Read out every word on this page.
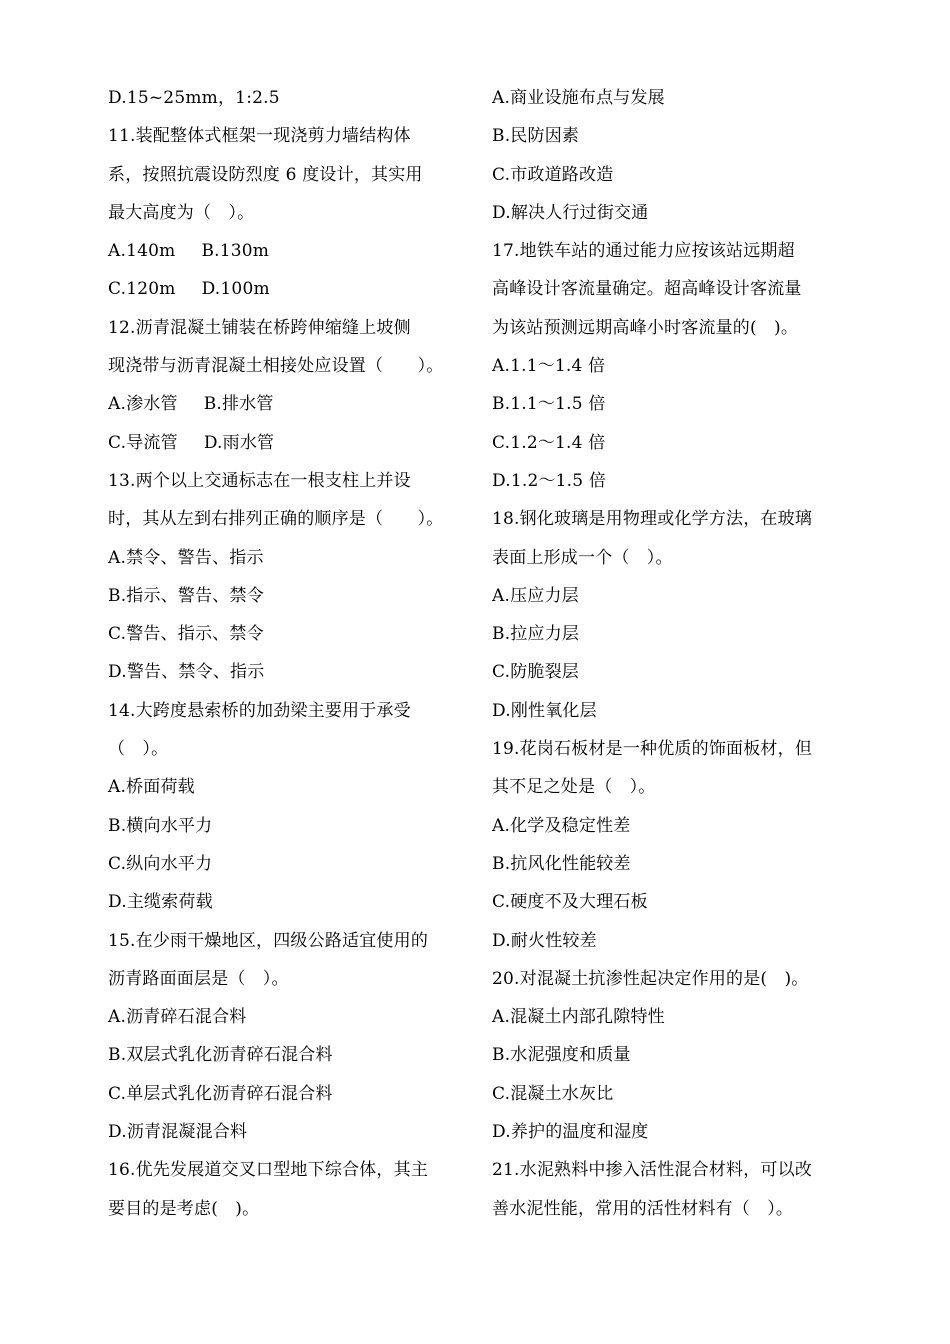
D.15~25mm，1:2.5
11.装配整体式框架一现浇剪力墙结构体
系，按照抗震设防烈度 6 度设计，其实用
最大高度为（　）。
A.140m B.130m
C.120m D.100m
12.沥青混凝土铺装在桥跨伸缩缝上坡侧
现浇带与沥青混凝土相接处应设置（　　）。
A.渗水管 B.排水管
C.导流管 D.雨水管
13.两个以上交通标志在一根支柱上并设
时，其从左到右排列正确的顺序是（　　）。
A.禁令、警告、指示
B.指示、警告、禁令
C.警告、指示、禁令
D.警告、禁令、指示
14.大跨度悬索桥的加劲梁主要用于承受
（　）。
A.桥面荷载
B.横向水平力
C.纵向水平力
D.主缆索荷载
15.在少雨干燥地区，四级公路适宜使用的
沥青路面面层是（　）。
A.沥青碎石混合料
B.双层式乳化沥青碎石混合料
C.单层式乳化沥青碎石混合料
D.沥青混凝混合料
16.优先发展道交叉口型地下综合体，其主
要目的是考虑(　)。
A.商业设施布点与发展
B.民防因素
C.市政道路改造
D.解决人行过街交通
17.地铁车站的通过能力应按该站远期超
高峰设计客流量确定。超高峰设计客流量
为该站预测远期高峰小时客流量的(　)。
A.1.1～1.4 倍
B.1.1～1.5 倍
C.1.2～1.4 倍
D.1.2～1.5 倍
18.钢化玻璃是用物理或化学方法，在玻璃
表面上形成一个（　）。
A.压应力层
B.拉应力层
C.防脆裂层
D.刚性氧化层
19.花岗石板材是一种优质的饰面板材，但
其不足之处是（　）。
A.化学及稳定性差
B.抗风化性能较差
C.硬度不及大理石板
D.耐火性较差
20.对混凝土抗渗性起决定作用的是(　)。
A.混凝土内部孔隙特性
B.水泥强度和质量
C.混凝土水灰比
D.养护的温度和湿度
21.水泥熟料中掺入活性混合材料，可以改
善水泥性能，常用的活性材料有（　）。
